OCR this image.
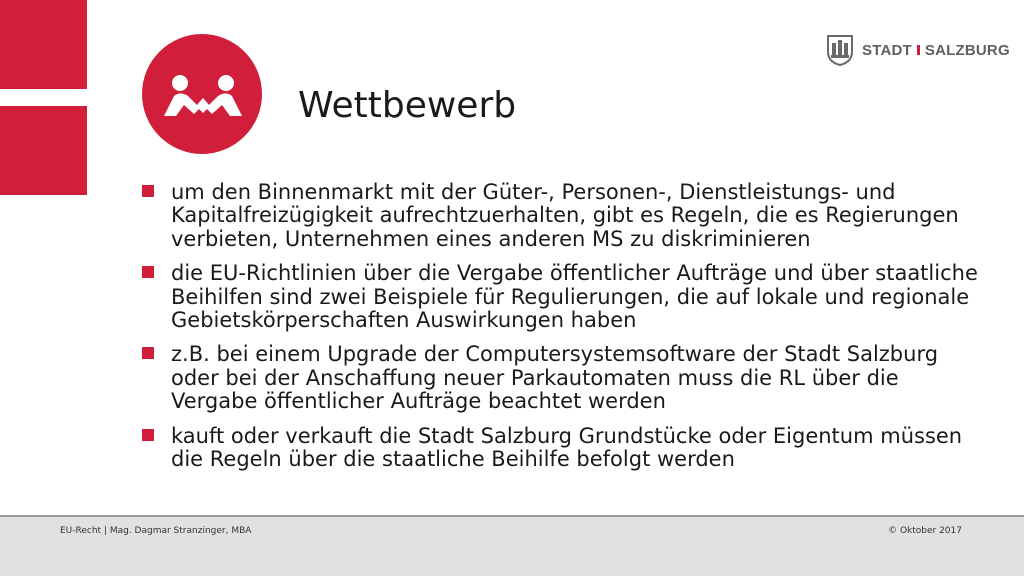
Wettbewerb
STADT SALZBURG
um den Binnenmarkt mit der Güter-, Personen-, Dienstleistungs- und Kapitalfreizügigkeit aufrechtzuerhalten, gibt es Regeln, die es Regierungen verbieten, Unternehmen eines anderen MS zu diskriminieren
die EU-Richtlinien über die Vergabe öffentlicher Aufträge und über staatliche Beihilfen sind zwei Beispiele für Regulierungen, die auf lokale und regionale Gebietskörperschaften Auswirkungen haben
z.B. bei einem Upgrade der Computersystemsoftware der Stadt Salzburg oder bei der Anschaffung neuer Parkautomaten muss die RL über die Vergabe öffentlicher Aufträge beachtet werden
kauft oder verkauft die Stadt Salzburg Grundstücke oder Eigentum müssen die Regeln über die staatliche Beihilfe befolgt werden
EU-Recht | Mag. Dagmar Stranzinger, MBA	© Oktober 2017
